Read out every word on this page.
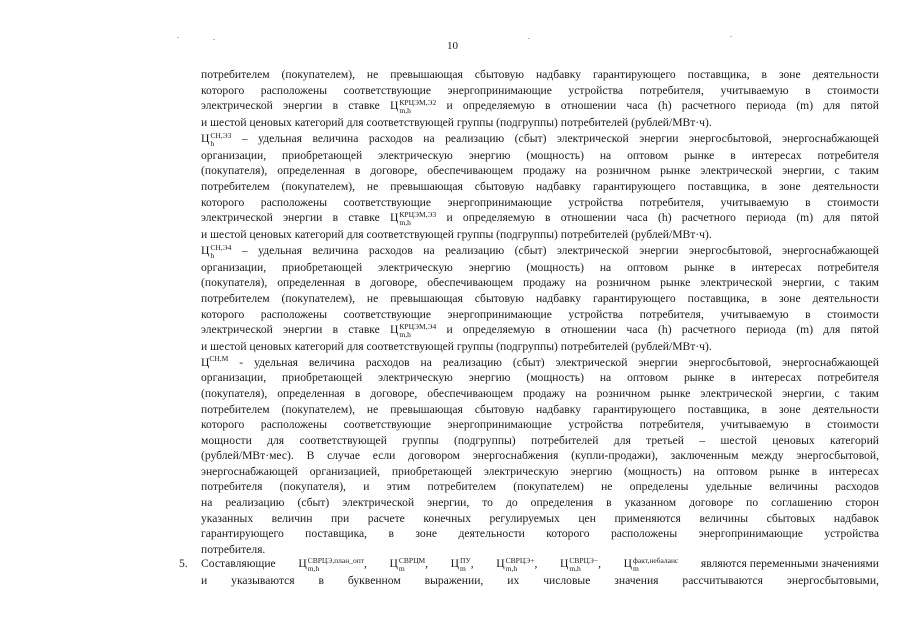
10
потребителем (покупателем), не превышающая сбытовую надбавку гарантирующего поставщика, в зоне деятельности
которого расположены соответствующие энергопринимающие устройства потребителя, учитываемую в стоимости
электрической энергии в ставке Ц КРЦЭМ,Э2
m,h	и определяемую в отношении часа (h) расчетного периода (m) для пятой
и шестой ценовых категорий для соответствующей группы (подгруппы) потребителей (рублей/МВт·ч).
Ц СН,Э3
h	– удельная величина расходов на реализацию (сбыт) электрической энергии энергосбытовой, энергоснабжающей
организации, приобретающей электрическую энергию (мощность) на оптовом рынке в интересах потребителя
(покупателя), определенная в договоре, обеспечивающем продажу на розничном рынке электрической энергии, с таким
потребителем (покупателем), не превышающая сбытовую надбавку гарантирующего поставщика, в зоне деятельности
которого расположены соответствующие энергопринимающие устройства потребителя, учитываемую в стоимости
электрической энергии в ставке Ц КРЦЭМ,Э3
m,h	и определяемую в отношении часа (h) расчетного периода (m) для пятой
и шестой ценовых категорий для соответствующей группы (подгруппы) потребителей (рублей/МВт·ч).
Ц СН,Э4
h	– удельная величина расходов на реализацию (сбыт) электрической энергии энергосбытовой, энергоснабжающей
организации, приобретающей электрическую энергию (мощность) на оптовом рынке в интересах потребителя
(покупателя), определенная в договоре, обеспечивающем продажу на розничном рынке электрической энергии, с таким
потребителем (покупателем), не превышающая сбытовую надбавку гарантирующего поставщика, в зоне деятельности
которого расположены соответствующие энергопринимающие устройства потребителя, учитываемую в стоимости
электрической энергии в ставке Ц КРЦЭМ,Э4
m,h	и определяемую в отношении часа (h) расчетного периода (m) для пятой
и шестой ценовых категорий для соответствующей группы (подгруппы) потребителей (рублей/МВт·ч).
$Ц^{СН,М}$ - удельная величина расходов на реализацию (сбыт) электрической энергии энергосбытовой, энергоснабжающей
организации, приобретающей электрическую энергию (мощность) на оптовом рынке в интересах потребителя
(покупателя), определенная в договоре, обеспечивающем продажу на розничном рынке электрической энергии, с таким
потребителем (покупателем), не превышающая сбытовую надбавку гарантирующего поставщика, в зоне деятельности
которого расположены соответствующие энергопринимающие устройства потребителя, учитываемую в стоимости
мощности для соответствующей группы (подгруппы) потребителей для третьей – шестой ценовых категорий
(рублей/МВт·мес). В случае если договором энергоснабжения (купли-продажи), заключенным между энергосбытовой,
энергоснабжающей организацией, приобретающей электрическую энергию (мощность) на оптовом рынке в интересах
потребителя (покупателя), и этим потребителем (покупателем) не определены удельные величины расходов
на реализацию (сбыт) электрической энергии, то до определения в указанном договоре по соглашению сторон
указанных величин при расчете конечных регулируемых цен применяются величины сбытовых надбавок
гарантирующего поставщика, в зоне деятельности которого расположены энергопринимающие устройства
потребителя.
5. Составляющие Ц СВРЦЭ,план_опт
m,h	, Ц СВРЦМ
m	, Ц ПУ
m , Ц СВРЦЭ+
m,h	, Ц СВРЦЭ−
m,h	, Ц факт,небаланс
m	являются переменными значениями
и указываются в буквенном выражении, их числовые значения рассчитываются энергосбытовыми,
